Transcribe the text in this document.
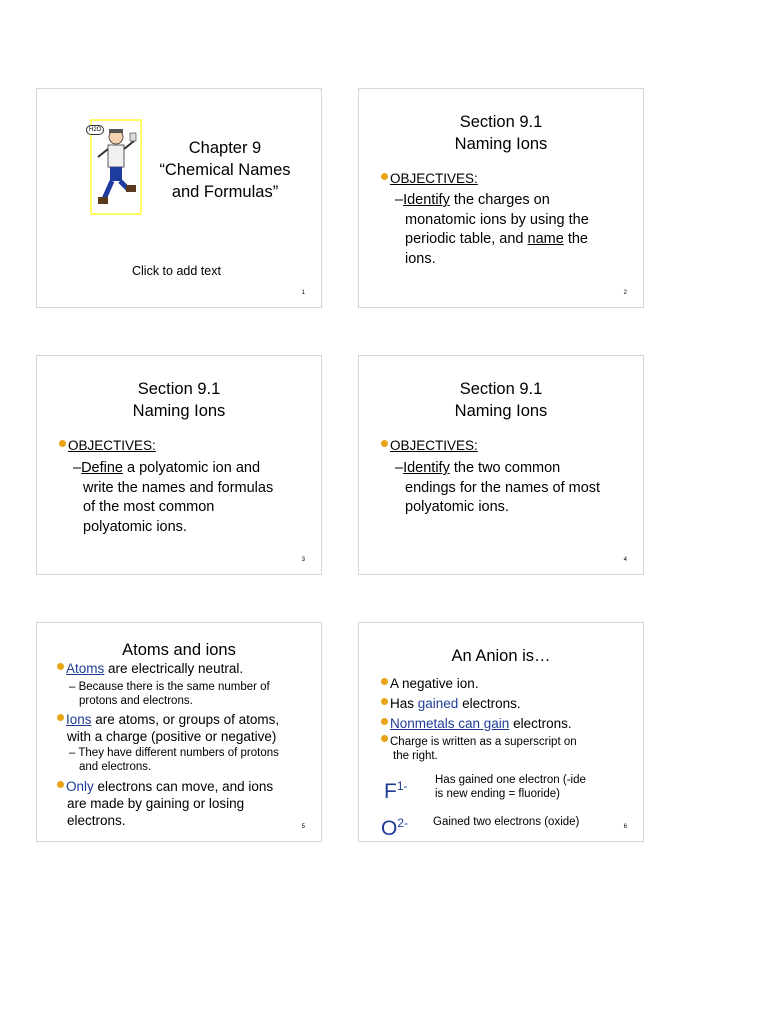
H2O
Chapter 9
“Chemical Names
and Formulas”
Click to add text
1
Section 9.1
Naming Ions
OBJECTIVES:
–Identify the charges on
monatomic ions by using the
periodic table, and name the
ions.
2
Section 9.1
Naming Ions
OBJECTIVES:
–Define a polyatomic ion and
write the names and formulas
of the most common
polyatomic ions.
3
Section 9.1
Naming Ions
OBJECTIVES:
–Identify the two common
endings for the names of most
polyatomic ions.
4
Atoms and ions
Atoms are electrically neutral.
– Because there is the same number of
protons and electrons.
Ions are atoms, or groups of atoms,
with a charge (positive or negative)
– They have different numbers of protons
and electrons.
Only electrons can move, and ions
are made by gaining or losing
electrons.	5
An Anion is…
A negative ion.
Has gained electrons.
Nonmetals can gain electrons.
Charge is written as a superscript on
the right.
$F^{1-}$ Has gained one electron (-ide
is new ending = fluoride)
$O^{2-}$ Gained two electrons (oxide)	6
